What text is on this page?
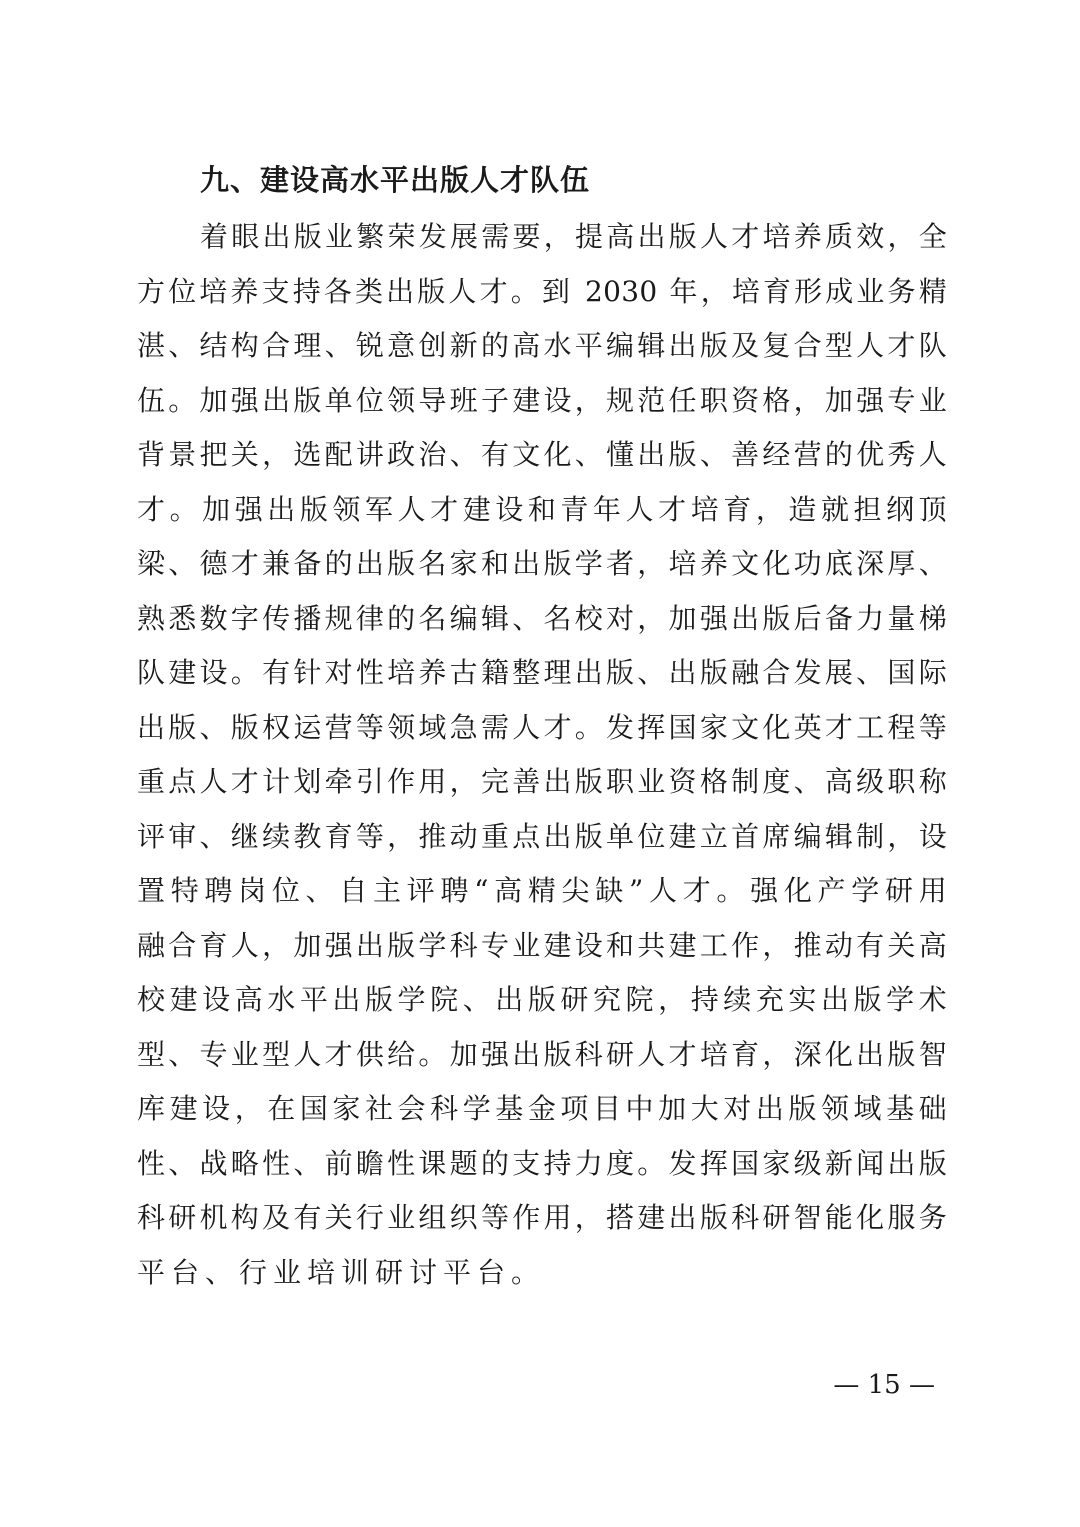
九、建设高水平出版人才队伍
着眼出版业繁荣发展需要，提高出版人才培养质效，全
方位培养支持各类出版人才。到 2030 年，培育形成业务精
湛、结构合理、锐意创新的高水平编辑出版及复合型人才队
伍。加强出版单位领导班子建设，规范任职资格，加强专业
背景把关，选配讲政治、有文化、懂出版、善经营的优秀人
才。加强出版领军人才建设和青年人才培育，造就担纲顶
梁、德才兼备的出版名家和出版学者，培养文化功底深厚、
熟悉数字传播规律的名编辑、名校对，加强出版后备力量梯
队建设。有针对性培养古籍整理出版、出版融合发展、国际
出版、版权运营等领域急需人才。发挥国家文化英才工程等
重点人才计划牵引作用，完善出版职业资格制度、高级职称
评审、继续教育等，推动重点出版单位建立首席编辑制，设
置特聘岗位、自主评聘“高精尖缺”人才。强化产学研用
融合育人，加强出版学科专业建设和共建工作，推动有关高
校建设高水平出版学院、出版研究院，持续充实出版学术
型、专业型人才供给。加强出版科研人才培育，深化出版智
库建设，在国家社会科学基金项目中加大对出版领域基础
性、战略性、前瞻性课题的支持力度。发挥国家级新闻出版
科研机构及有关行业组织等作用，搭建出版科研智能化服务
平台、行业培训研讨平台。
— 15 —
